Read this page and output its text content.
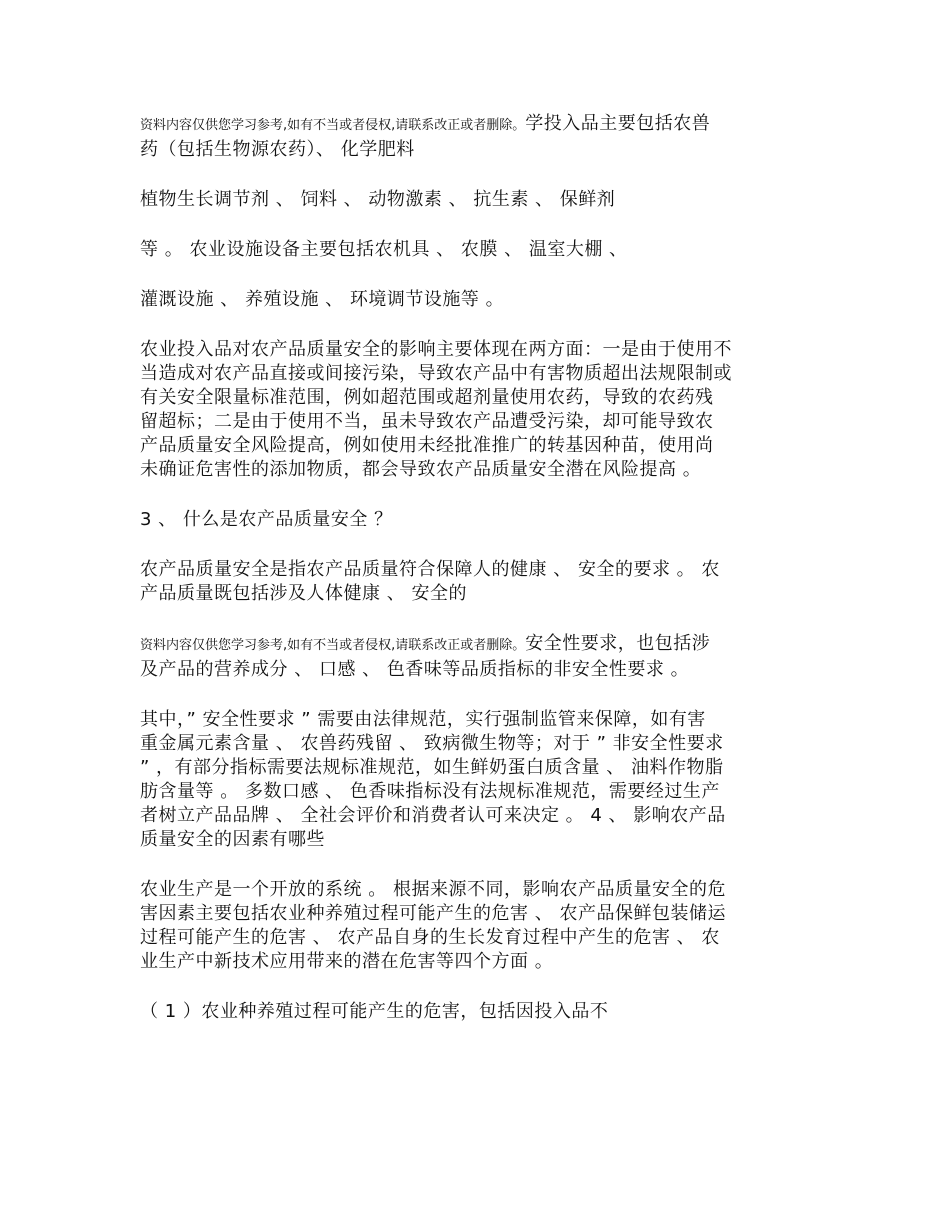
资料内容仅供您学习参考,如有不当或者侵权,请联系改正或者删除。学投入品主要包括农兽
药（包括生物源农药）、 化学肥料

植物生长调节剂 、 饲料 、 动物激素 、 抗生素 、 保鲜剂

等 。 农业设施设备主要包括农机具 、 农膜 、 温室大棚 、

灌溉设施 、 养殖设施 、 环境调节设施等 。

农业投入品对农产品质量安全的影响主要体现在两方面：一是由于使用不
当造成对农产品直接或间接污染，导致农产品中有害物质超出法规限制或
有关安全限量标准范围，例如超范围或超剂量使用农药，导致的农药残
留超标；二是由于使用不当，虽未导致农产品遭受污染，却可能导致农
产品质量安全风险提高，例如使用未经批准推广的转基因种苗，使用尚
未确证危害性的添加物质，都会导致农产品质量安全潜在风险提高 。

3 、 什么是农产品质量安全 ？

农产品质量安全是指农产品质量符合保障人的健康 、 安全的要求 。 农
产品质量既包括涉及人体健康 、 安全的

资料内容仅供您学习参考,如有不当或者侵权,请联系改正或者删除。安全性要求，也包括涉
及产品的营养成分 、 口感 、 色香味等品质指标的非安全性要求 。

其中，” 安全性要求 ” 需要由法律规范，实行强制监管来保障，如有害
重金属元素含量 、 农兽药残留 、 致病微生物等；对于 ” 非安全性要求
” ，有部分指标需要法规标准规范，如生鲜奶蛋白质含量 、 油料作物脂
肪含量等 。 多数口感 、 色香味指标没有法规标准规范，需要经过生产
者树立产品品牌 、 全社会评价和消费者认可来决定 。 4 、 影响农产品
质量安全的因素有哪些

农业生产是一个开放的系统 。 根据来源不同，影响农产品质量安全的危
害因素主要包括农业种养殖过程可能产生的危害 、 农产品保鲜包装储运
过程可能产生的危害 、 农产品自身的生长发育过程中产生的危害 、 农
业生产中新技术应用带来的潜在危害等四个方面 。

（ 1 ）农业种养殖过程可能产生的危害，包括因投入品不
